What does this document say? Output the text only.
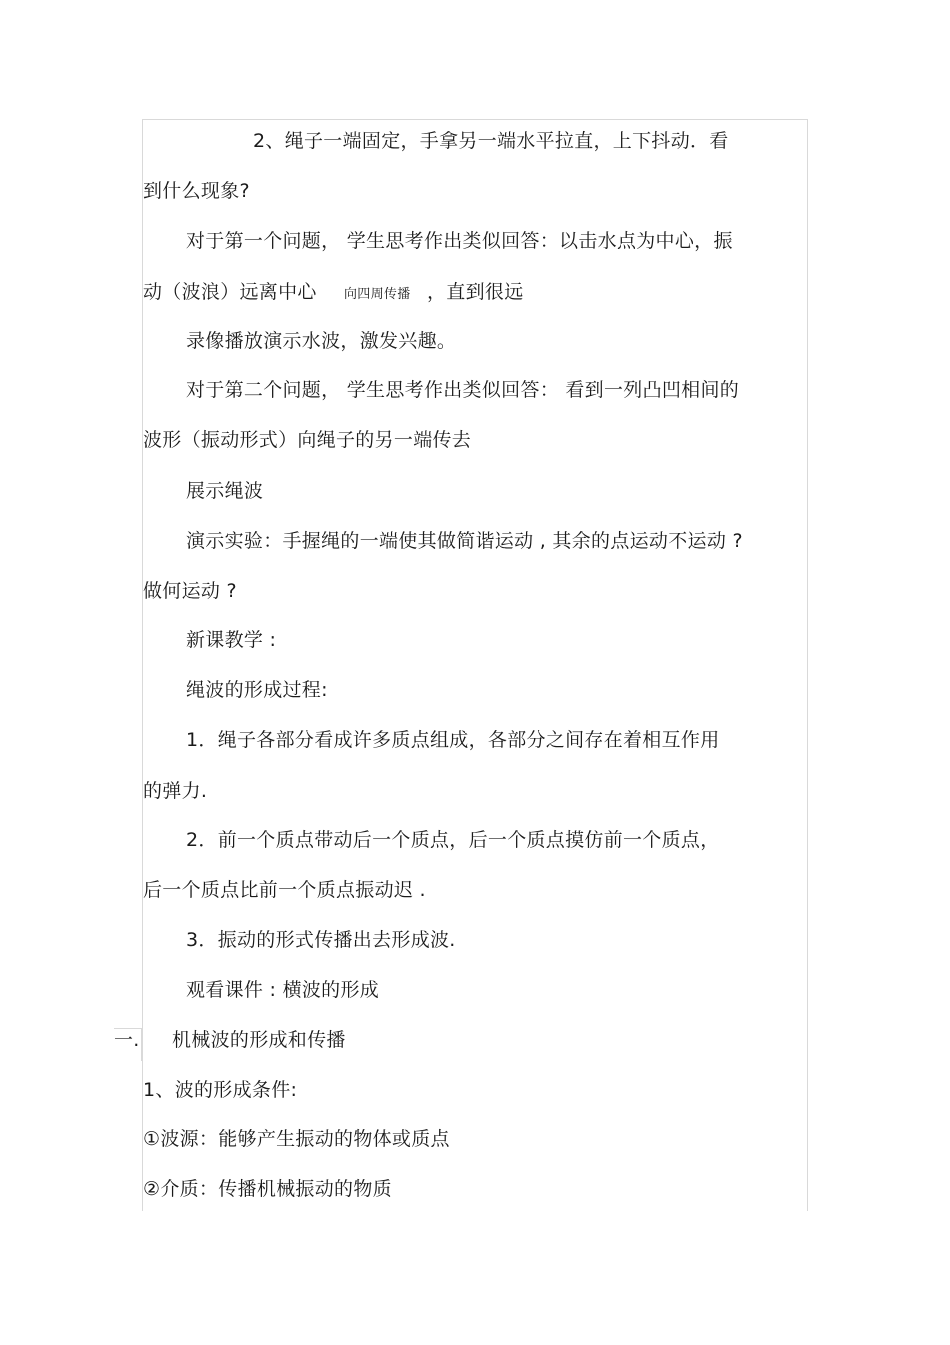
2、绳子一端固定，手拿另一端水平拉直，上下抖动．看
到什么现象?
对于第一个问题， 学生思考作出类似回答：以击水点为中心，振
动（波浪）远离中心 向四周传播 ，直到很远
录像播放演示水波，激发兴趣。
对于第二个问题， 学生思考作出类似回答： 看到一列凸凹相间的
波形（振动形式）向绳子的另一端传去
展示绳波
演示实验：手握绳的一端使其做简谐运动 , 其余的点运动不运动 ?
做何运动 ?
新课教学 :
绳波的形成过程:
1．绳子各部分看成许多质点组成，各部分之间存在着相互作用
的弹力.
2．前一个质点带动后一个质点，后一个质点摸仿前一个质点，
后一个质点比前一个质点振动迟 .
3．振动的形式传播出去形成波.
观看课件 : 横波的形成
一. 机械波的形成和传播
1、波的形成条件:
①波源：能够产生振动的物体或质点
②介质：传播机械振动的物质
